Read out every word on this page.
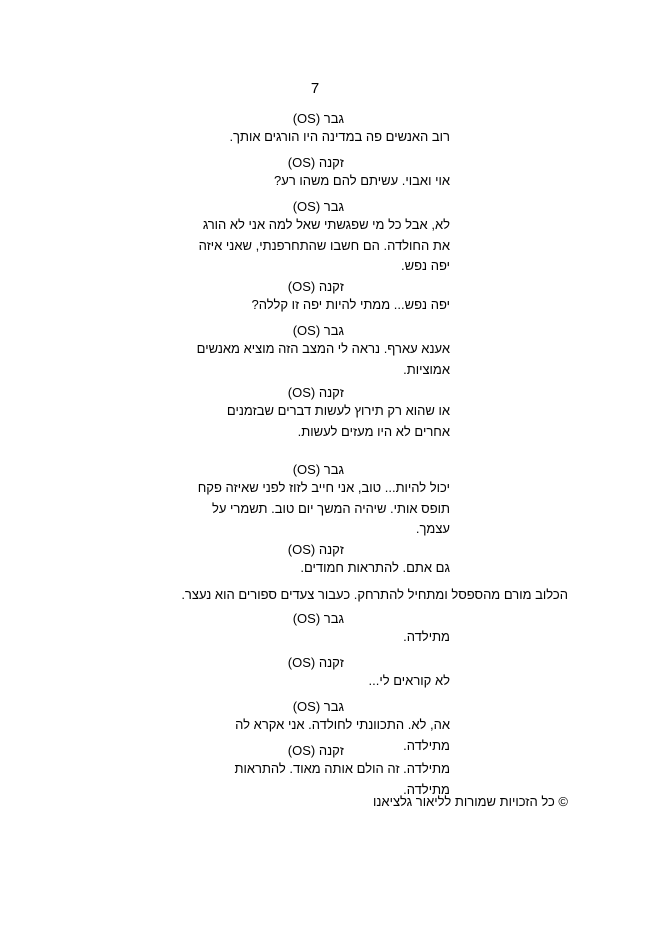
7
גבר (OS)
רוב האנשים פה במדינה היו הורגים אותך.
זקנה (OS)
אוי ואבוי. עשיתם להם משהו רע?
גבר (OS)
לא, אבל כל מי שפגשתי שאל למה אני לא הורג את החולדה. הם חשבו שהתחרפנתי, שאני איזה יפה נפש.
זקנה (OS)
יפה נפש... ממתי להיות יפה זו קללה?
גבר (OS)
אענא עארף. נראה לי המצב הזה מוציא מאנשים אמוציות.
זקנה (OS)
או שהוא רק תירוץ לעשות דברים שבזמנים אחרים לא היו מעזים לעשות.
גבר (OS)
יכול להיות... טוב, אני חייב לזוז לפני שאיזה פקח תופס אותי. שיהיה המשך יום טוב. תשמרי על עצמך.
זקנה (OS)
גם אתם. להתראות חמודים.
הכלוב מורם מהספסל ומתחיל להתרחק. כעבור צעדים ספורים הוא נעצר.
גבר (OS)
מתילדה.
זקנה (OS)
לא קוראים לי...
גבר (OS)
אה, לא. התכוונתי לחולדה. אני אקרא לה מתילדה.
זקנה (OS)
מתילדה. זה הולם אותה מאוד. להתראות מתילדה.
© כל הזכויות שמורות לליאור גלציאנו
